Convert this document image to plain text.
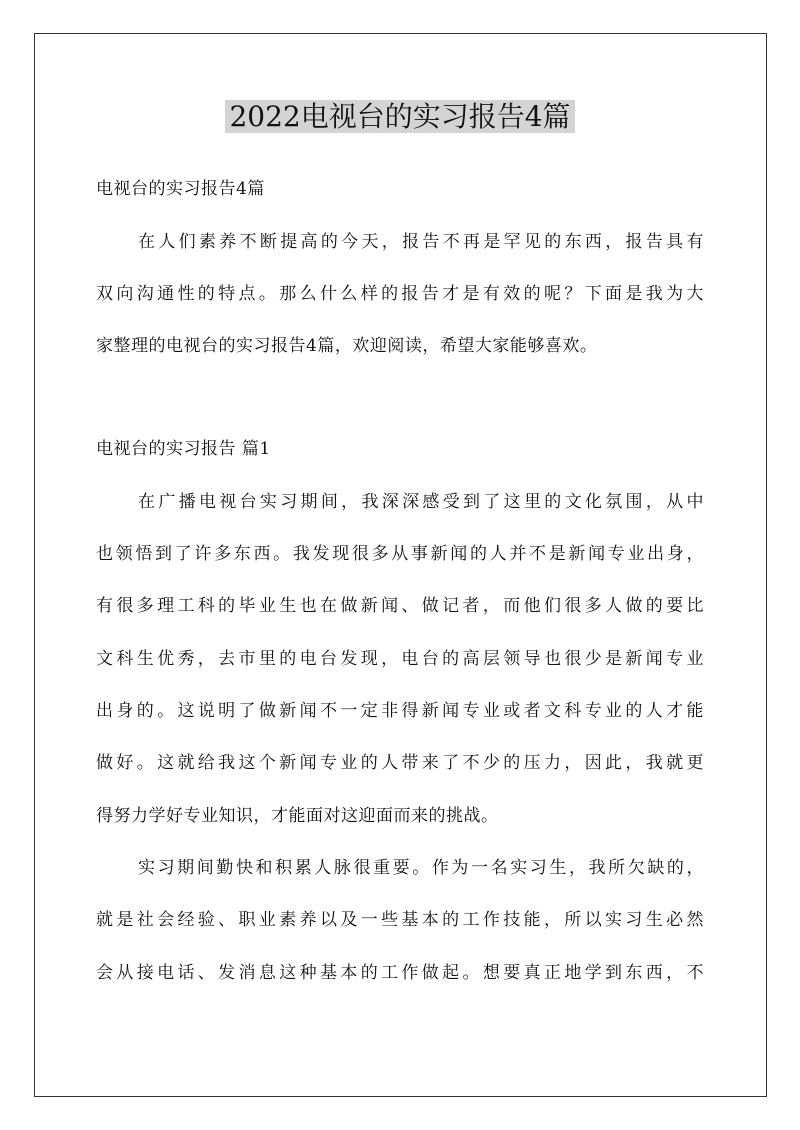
2022电视台的实习报告4篇

电视台的实习报告4篇

在人们素养不断提高的今天，报告不再是罕见的东西，报告具有

双向沟通性的特点。那么什么样的报告才是有效的呢？下面是我为大

家整理的电视台的实习报告4篇，欢迎阅读，希望大家能够喜欢。

电视台的实习报告 篇1

在广播电视台实习期间，我深深感受到了这里的文化氛围，从中

也领悟到了许多东西。我发现很多从事新闻的人并不是新闻专业出身，

有很多理工科的毕业生也在做新闻、做记者，而他们很多人做的要比

文科生优秀，去市里的电台发现，电台的高层领导也很少是新闻专业

出身的。这说明了做新闻不一定非得新闻专业或者文科专业的人才能

做好。这就给我这个新闻专业的人带来了不少的压力，因此，我就更

得努力学好专业知识，才能面对这迎面而来的挑战。

实习期间勤快和积累人脉很重要。作为一名实习生，我所欠缺的，

就是社会经验、职业素养以及一些基本的工作技能，所以实习生必然

会从接电话、发消息这种基本的工作做起。想要真正地学到东西，不
